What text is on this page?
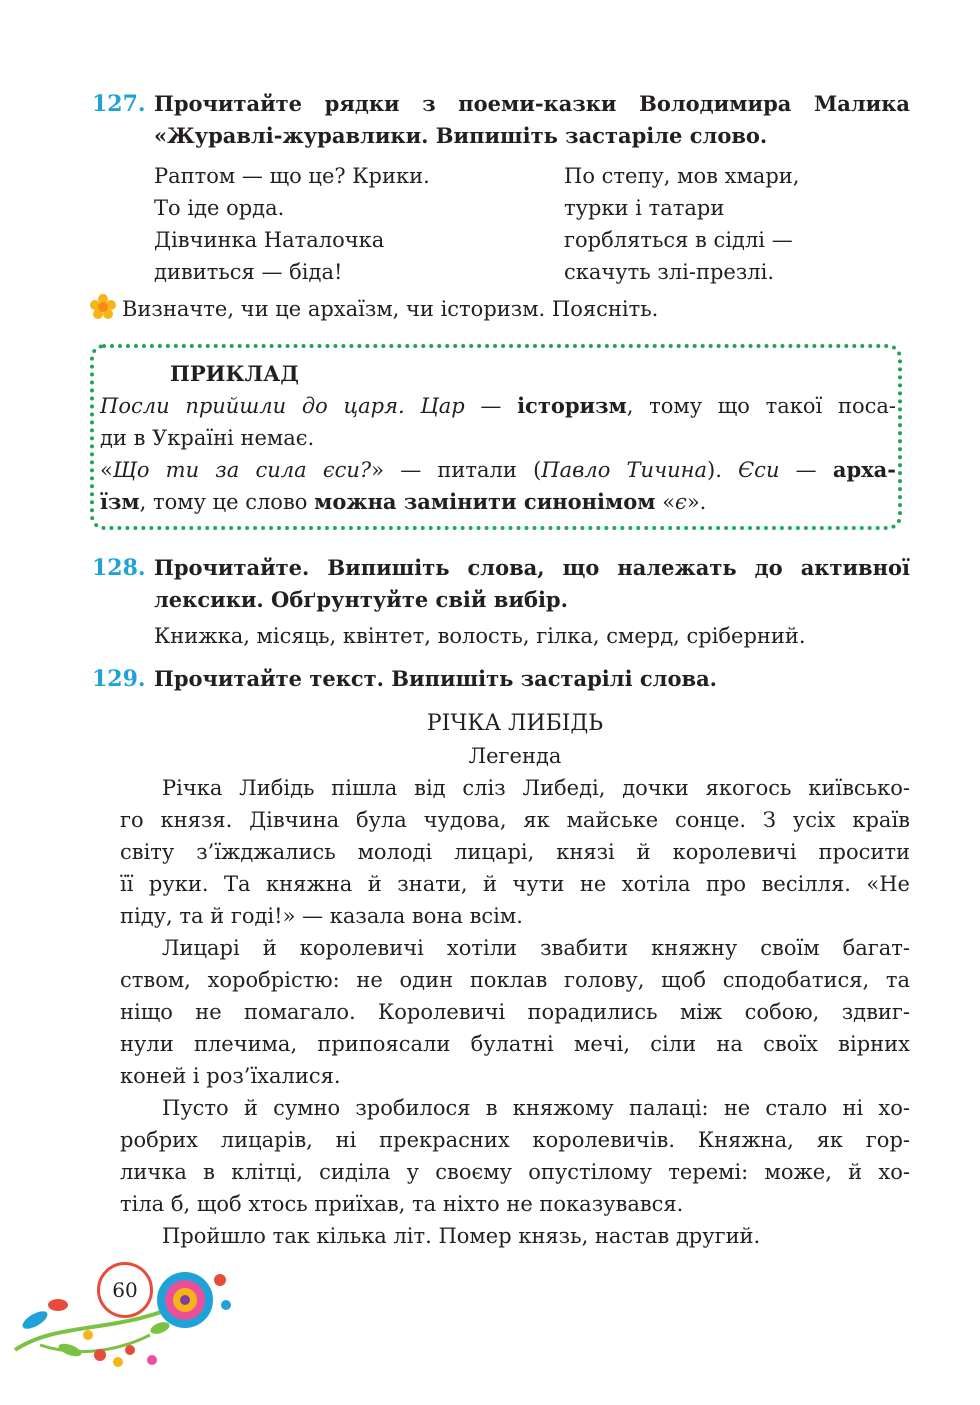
127. Прочитайте рядки з поеми-казки Володимира Малика
«Журавлі-журавлики. Випишіть застаріле слово.
Раптом — що це? Крики.
То іде орда.
Дівчинка Наталочка
дивиться — біда!
По степу, мов хмари,
турки і татари
горбляться в сідлі —
скачуть злі-презлі.
Визначте, чи це архаїзм, чи історизм. Поясніть.
ПРИКЛАД
Посли прийшли до царя. Цар — історизм, тому що такої поса-
ди в Україні немає.
«Що ти за сила єси?» — питали (Павло Тичина). Єси — арха-
їзм, тому це слово можна замінити синонімом «є».
128. Прочитайте. Випишіть слова, що належать до активної
лексики. Обґрунтуйте свій вибір.
Книжка, місяць, квінтет, волость, гілка, смерд, сріберний.
129. Прочитайте текст. Випишіть застарілі слова.
РІЧКА ЛИБІДЬ
Легенда
Річка Либідь пішла від сліз Либеді, дочки якогось київсько-
го князя. Дівчина була чудова, як майське сонце. З усіх країв
світу з’їжджались молоді лицарі, князі й королевичі просити
її руки. Та княжна й знати, й чути не хотіла про весілля. «Не
піду, та й годі!» — казала вона всім.
Лицарі й королевичі хотіли звабити княжну своїм багат-
ством, хоробрістю: не один поклав голову, щоб сподобатися, та
ніщо не помагало. Королевичі порадились між собою, здвиг-
нули плечима, припоясали булатні мечі, сіли на своїх вірних
коней і роз’їхалися.
Пусто й сумно зробилося в княжому палаці: не стало ні хо-
робрих лицарів, ні прекрасних королевичів. Княжна, як гор-
личка в клітці, сиділа у своєму опустілому теремі: може, й хо-
тіла б, щоб хтось приїхав, та ніхто не показувався.
Пройшло так кілька літ. Помер князь, настав другий.
60
